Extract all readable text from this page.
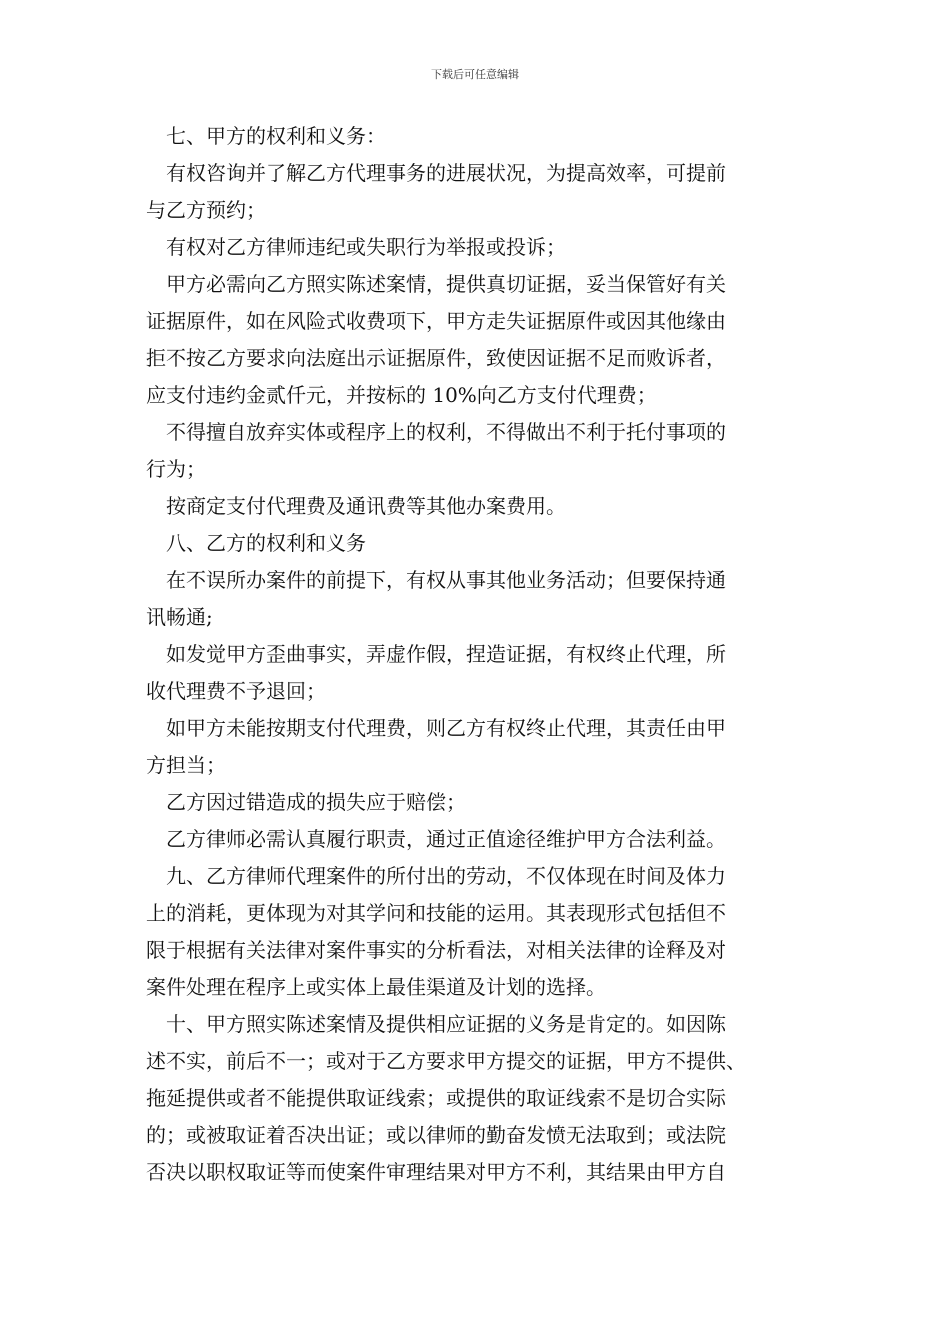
下载后可任意编辑
七、甲方的权利和义务：
有权咨询并了解乙方代理事务的进展状况，为提高效率，可提前
与乙方预约；
有权对乙方律师违纪或失职行为举报或投诉；
甲方必需向乙方照实陈述案情，提供真切证据，妥当保管好有关
证据原件，如在风险式收费项下，甲方走失证据原件或因其他缘由
拒不按乙方要求向法庭出示证据原件，致使因证据不足而败诉者，
应支付违约金贰仟元，并按标的 10%向乙方支付代理费；
不得擅自放弃实体或程序上的权利，不得做出不利于托付事项的
行为；
按商定支付代理费及通讯费等其他办案费用。
八、乙方的权利和义务
在不误所办案件的前提下，有权从事其他业务活动；但要保持通
讯畅通;
如发觉甲方歪曲事实，弄虚作假，捏造证据，有权终止代理，所
收代理费不予退回；
如甲方未能按期支付代理费，则乙方有权终止代理，其责任由甲
方担当；
乙方因过错造成的损失应于赔偿；
乙方律师必需认真履行职责，通过正值途径维护甲方合法利益。
九、乙方律师代理案件的所付出的劳动，不仅体现在时间及体力
上的消耗，更体现为对其学问和技能的运用。其表现形式包括但不
限于根据有关法律对案件事实的分析看法，对相关法律的诠释及对
案件处理在程序上或实体上最佳渠道及计划的选择。
十、甲方照实陈述案情及提供相应证据的义务是肯定的。如因陈
述不实，前后不一；或对于乙方要求甲方提交的证据，甲方不提供、
拖延提供或者不能提供取证线索；或提供的取证线索不是切合实际
的；或被取证着否决出证；或以律师的勤奋发愤无法取到；或法院
否决以职权取证等而使案件审理结果对甲方不利，其结果由甲方自
